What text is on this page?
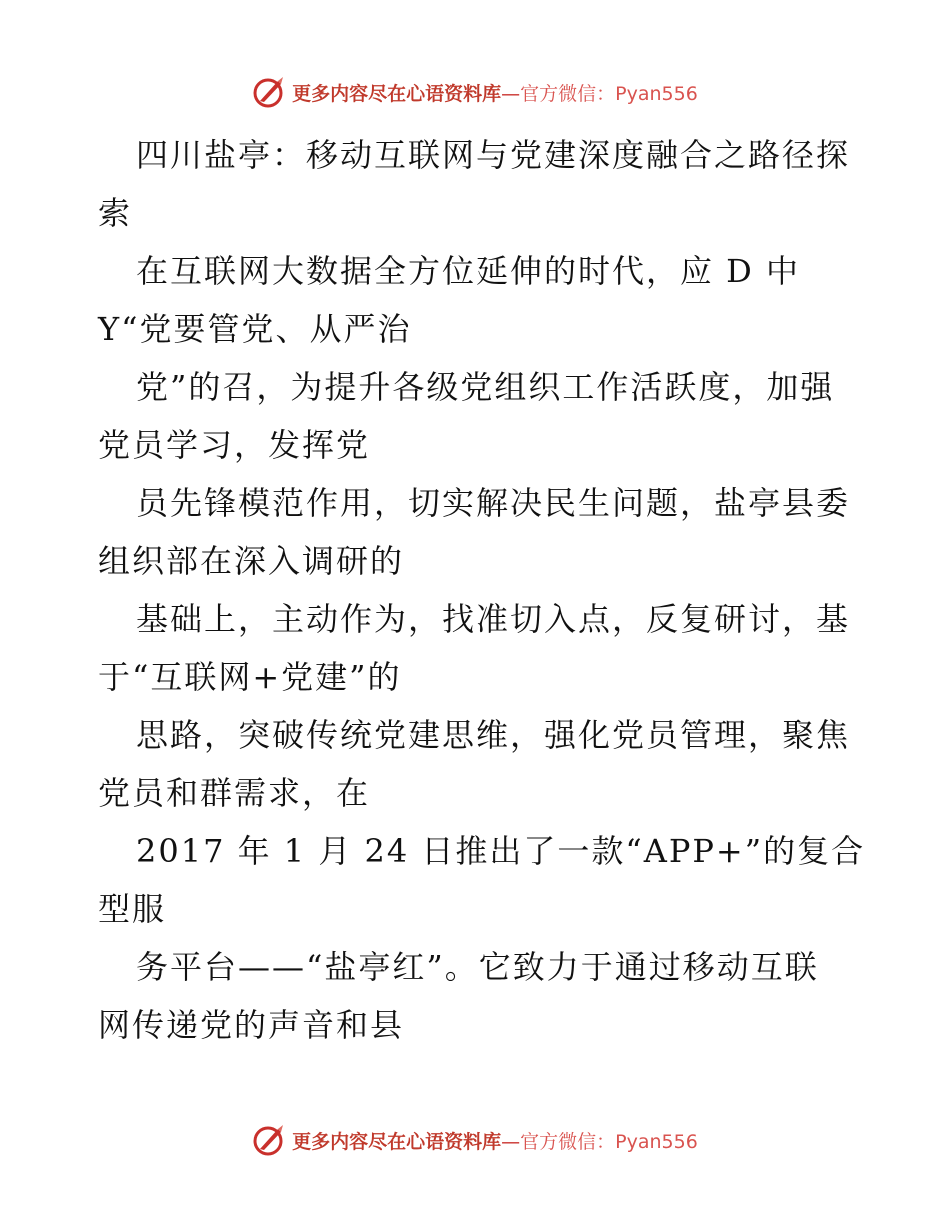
更多内容尽在心语资料库—官方微信：Pyan556

四川盐亭：移动互联网与党建深度融合之路径探

索

在互联网大数据全方位延伸的时代，应 D 中

Y“党要管党、从严治

党”的召，为提升各级党组织工作活跃度，加强

党员学习，发挥党

员先锋模范作用，切实解决民生问题，盐亭县委

组织部在深入调研的

基础上，主动作为，找准切入点，反复研讨，基

于“互联网+党建”的

思路，突破传统党建思维，强化党员管理，聚焦

党员和群需求，在

2017 年 1 月 24 日推出了一款“APP+”的复合

型服

务平台——“盐亭红”。它致力于通过移动互联

网传递党的声音和县

更多内容尽在心语资料库—官方微信：Pyan556
